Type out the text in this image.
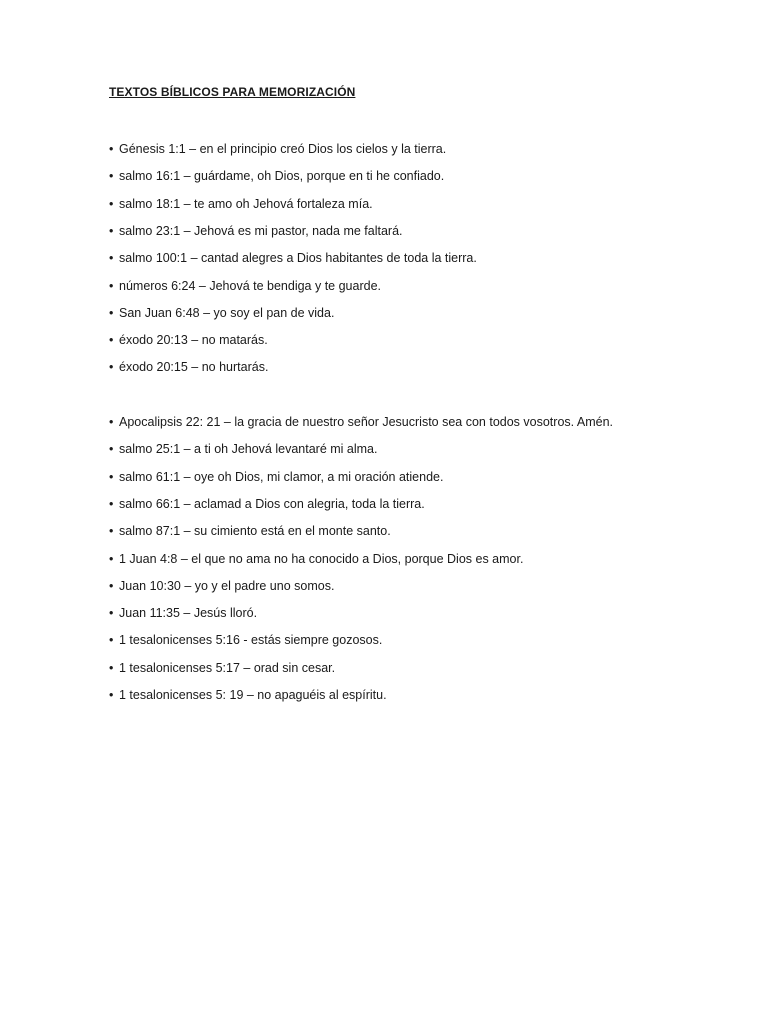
TEXTOS BÍBLICOS PARA MEMORIZACIÓN
• Génesis 1:1 – en el principio creó Dios los cielos y la tierra.
• salmo 16:1 – guárdame, oh Dios, porque en ti he confiado.
• salmo 18:1 – te amo oh Jehová fortaleza mía.
• salmo 23:1 – Jehová es mi pastor, nada me faltará.
• salmo 100:1 – cantad alegres a Dios habitantes de toda la tierra.
• números 6:24 – Jehová te bendiga y te guarde.
• San Juan 6:48 – yo soy el pan de vida.
• éxodo 20:13 – no matarás.
• éxodo 20:15 – no hurtarás.
• Apocalipsis 22: 21 – la gracia de nuestro señor Jesucristo sea con todos vosotros. Amén.
• salmo 25:1 – a ti oh Jehová levantaré mi alma.
• salmo 61:1 – oye oh Dios, mi clamor, a mi oración atiende.
• salmo 66:1 – aclamad a Dios con alegria, toda la tierra.
• salmo 87:1 – su cimiento está en el monte santo.
• 1 Juan 4:8 – el que no ama no ha conocido a Dios, porque Dios es amor.
• Juan 10:30 – yo y el padre uno somos.
• Juan 11:35 – Jesús lloró.
• 1 tesalonicenses 5:16 - estás siempre gozosos.
• 1 tesalonicenses 5:17 – orad sin cesar.
• 1 tesalonicenses 5: 19 – no apaguéis al espíritu.
